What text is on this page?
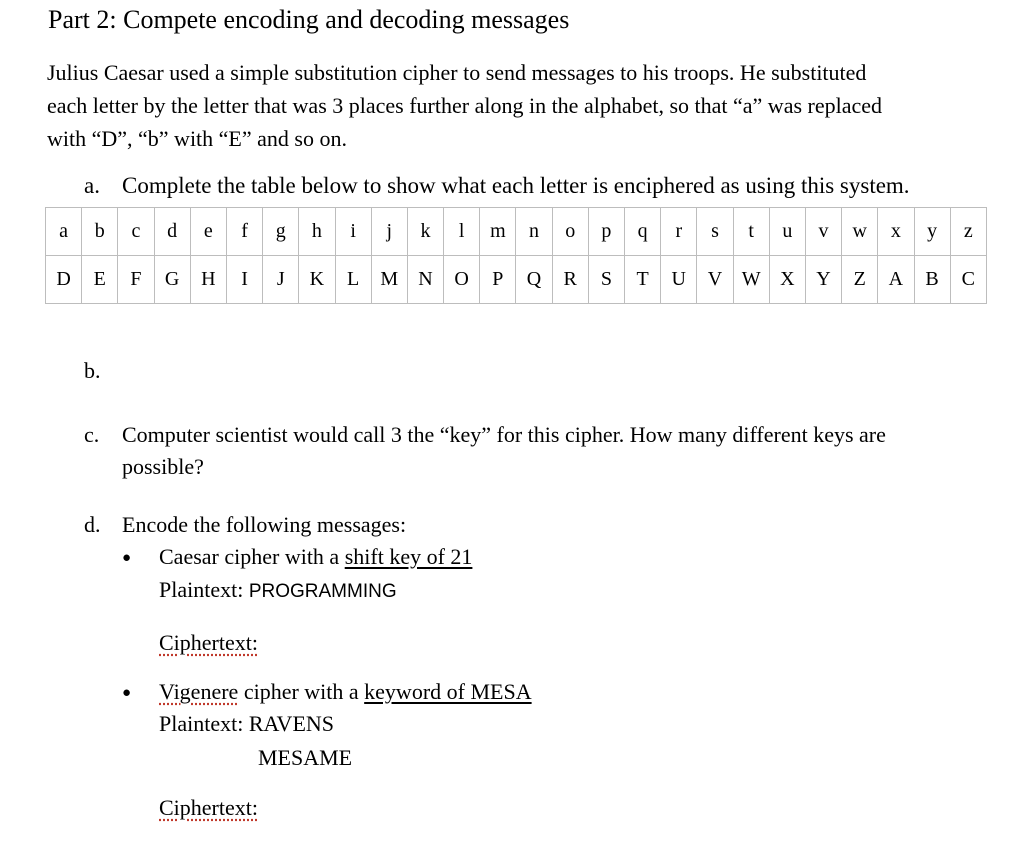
Part 2: Compete encoding and decoding messages
Julius Caesar used a simple substitution cipher to send messages to his troops. He substituted
each letter by the letter that was 3 places further along in the alphabet, so that “a” was replaced
with “D”, “b” with “E” and so on.
a. Complete the table below to show what each letter is enciphered as using this system.
a	b	c	d	e	f	g	h	i	j	k	l	m	n	o	p	q	r	s	t	u	v	w	x	y	z
D	E	F	G	H	I	J	K	L	M	N	O	P	Q	R	S	T	U	V	W	X	Y	Z	A	B	C
b.
c. Computer scientist would call 3 the “key” for this cipher. How many different keys are
possible?
d. Encode the following messages:
● Caesar cipher with a shift key of 21
Plaintext: PROGRAMMING
Ciphertext:
● Vigenere cipher with a keyword of MESA
Plaintext: RAVENS
MESAME
Ciphertext:
